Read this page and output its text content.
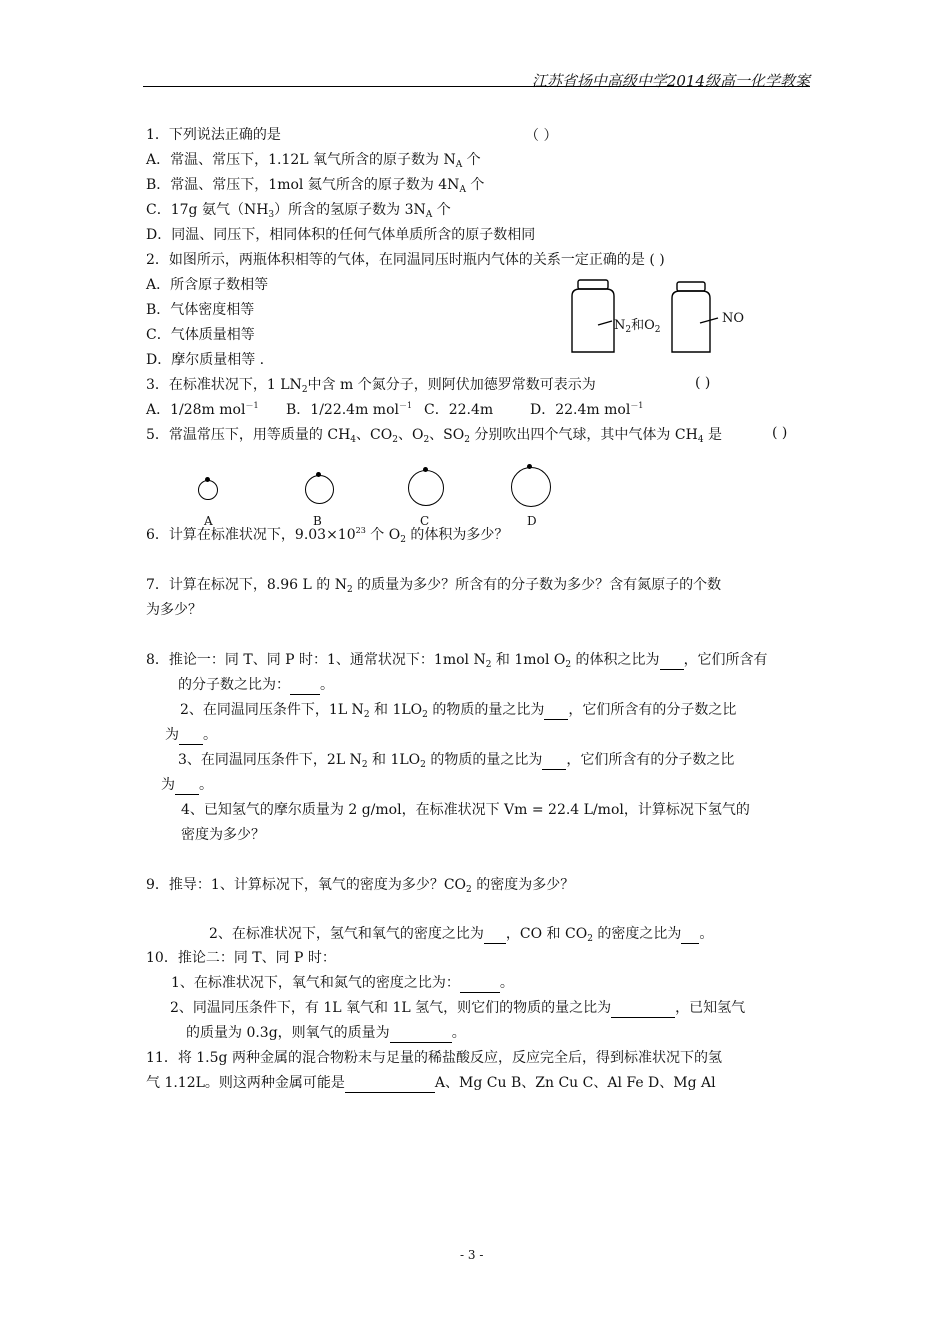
江苏省扬中高级中学2014级高一化学教案
1．下列说法正确的是	（ ）
A．常温、常压下，1.12L 氧气所含的原子数为 $N_A$ 个
B．常温、常压下，1mol 氦气所含的原子数为 $4N_A$ 个
C．17g 氨气$(NH_3)$所含的氢原子数为 $3N_A$ 个
D．同温、同压下，相同体积的任何气体单质所含的原子数相同
2．如图所示，两瓶体积相等的气体，在同温同压时瓶内气体的关系一定正确的是 ( )
A．所含原子数相等
B．气体密度相等
C．气体质量相等
D．摩尔质量相等 .
$N_2$和$O_2$
NO
3．在标准状况下，1 $LN_2$中含 m 个氮分子，则阿伏加德罗常数可表示为	( )
A．1/28m mol$^{-1}$ B．1/22.4m mol$^{-1}$ C．22.4m	D．22.4m mol$^{-1}$
5．常温常压下，用等质量的 $CH_4$、$CO_2$、$O_2$、$SO_2$ 分别吹出四个气球，其中气体为 $CH_4$ 是	( )
A	B	C	D
6．计算在标准状况下，$9.03\times 10^{23}$ 个 $O_2$ 的体积为多少？
7．计算在标况下，8.96 L 的 $N_2$ 的质量为多少？所含有的分子数为多少？含有氮原子的个数
为多少？
8．推论一：同 T、同 P 时：1、通常状况下：1mol $N_2$ 和 1mol $O_2$ 的体积之比为 ，它们所含有
的分子数之比为： 。
2、在同温同压条件下，1L $N_2$ 和 $1LO_2$ 的物质的量之比为 ，它们所含有的分子数之比
为 。
3、在同温同压条件下，2L $N_2$ 和 $1LO_2$ 的物质的量之比为 ，它们所含有的分子数之比
为 。
4、已知氢气的摩尔质量为 2 g/mol，在标准状况下 Vm = 22.4 L/mol，计算标况下氢气的
密度为多少？
9．推导：1、计算标况下，氧气的密度为多少？$CO_2$ 的密度为多少？
2、在标准状况下，氢气和氧气的密度之比为 ，CO 和 $CO_2$ 的密度之比为 。
10．推论二：同 T、同 P 时：
1、在标准状况下，氧气和氮气的密度之比为：	。
2、同温同压条件下，有 1L 氧气和 1L 氢气，则它们的物质的量之比为	，已知氢气
的质量为 0.3g，则氧气的质量为	。
11．将 1.5g 两种金属的混合物粉末与足量的稀盐酸反应，反应完全后，得到标准状况下的氢
气 1.12L。则这两种金属可能是	A、Mg Cu B、Zn Cu C、Al Fe D、Mg Al
- 3 -
